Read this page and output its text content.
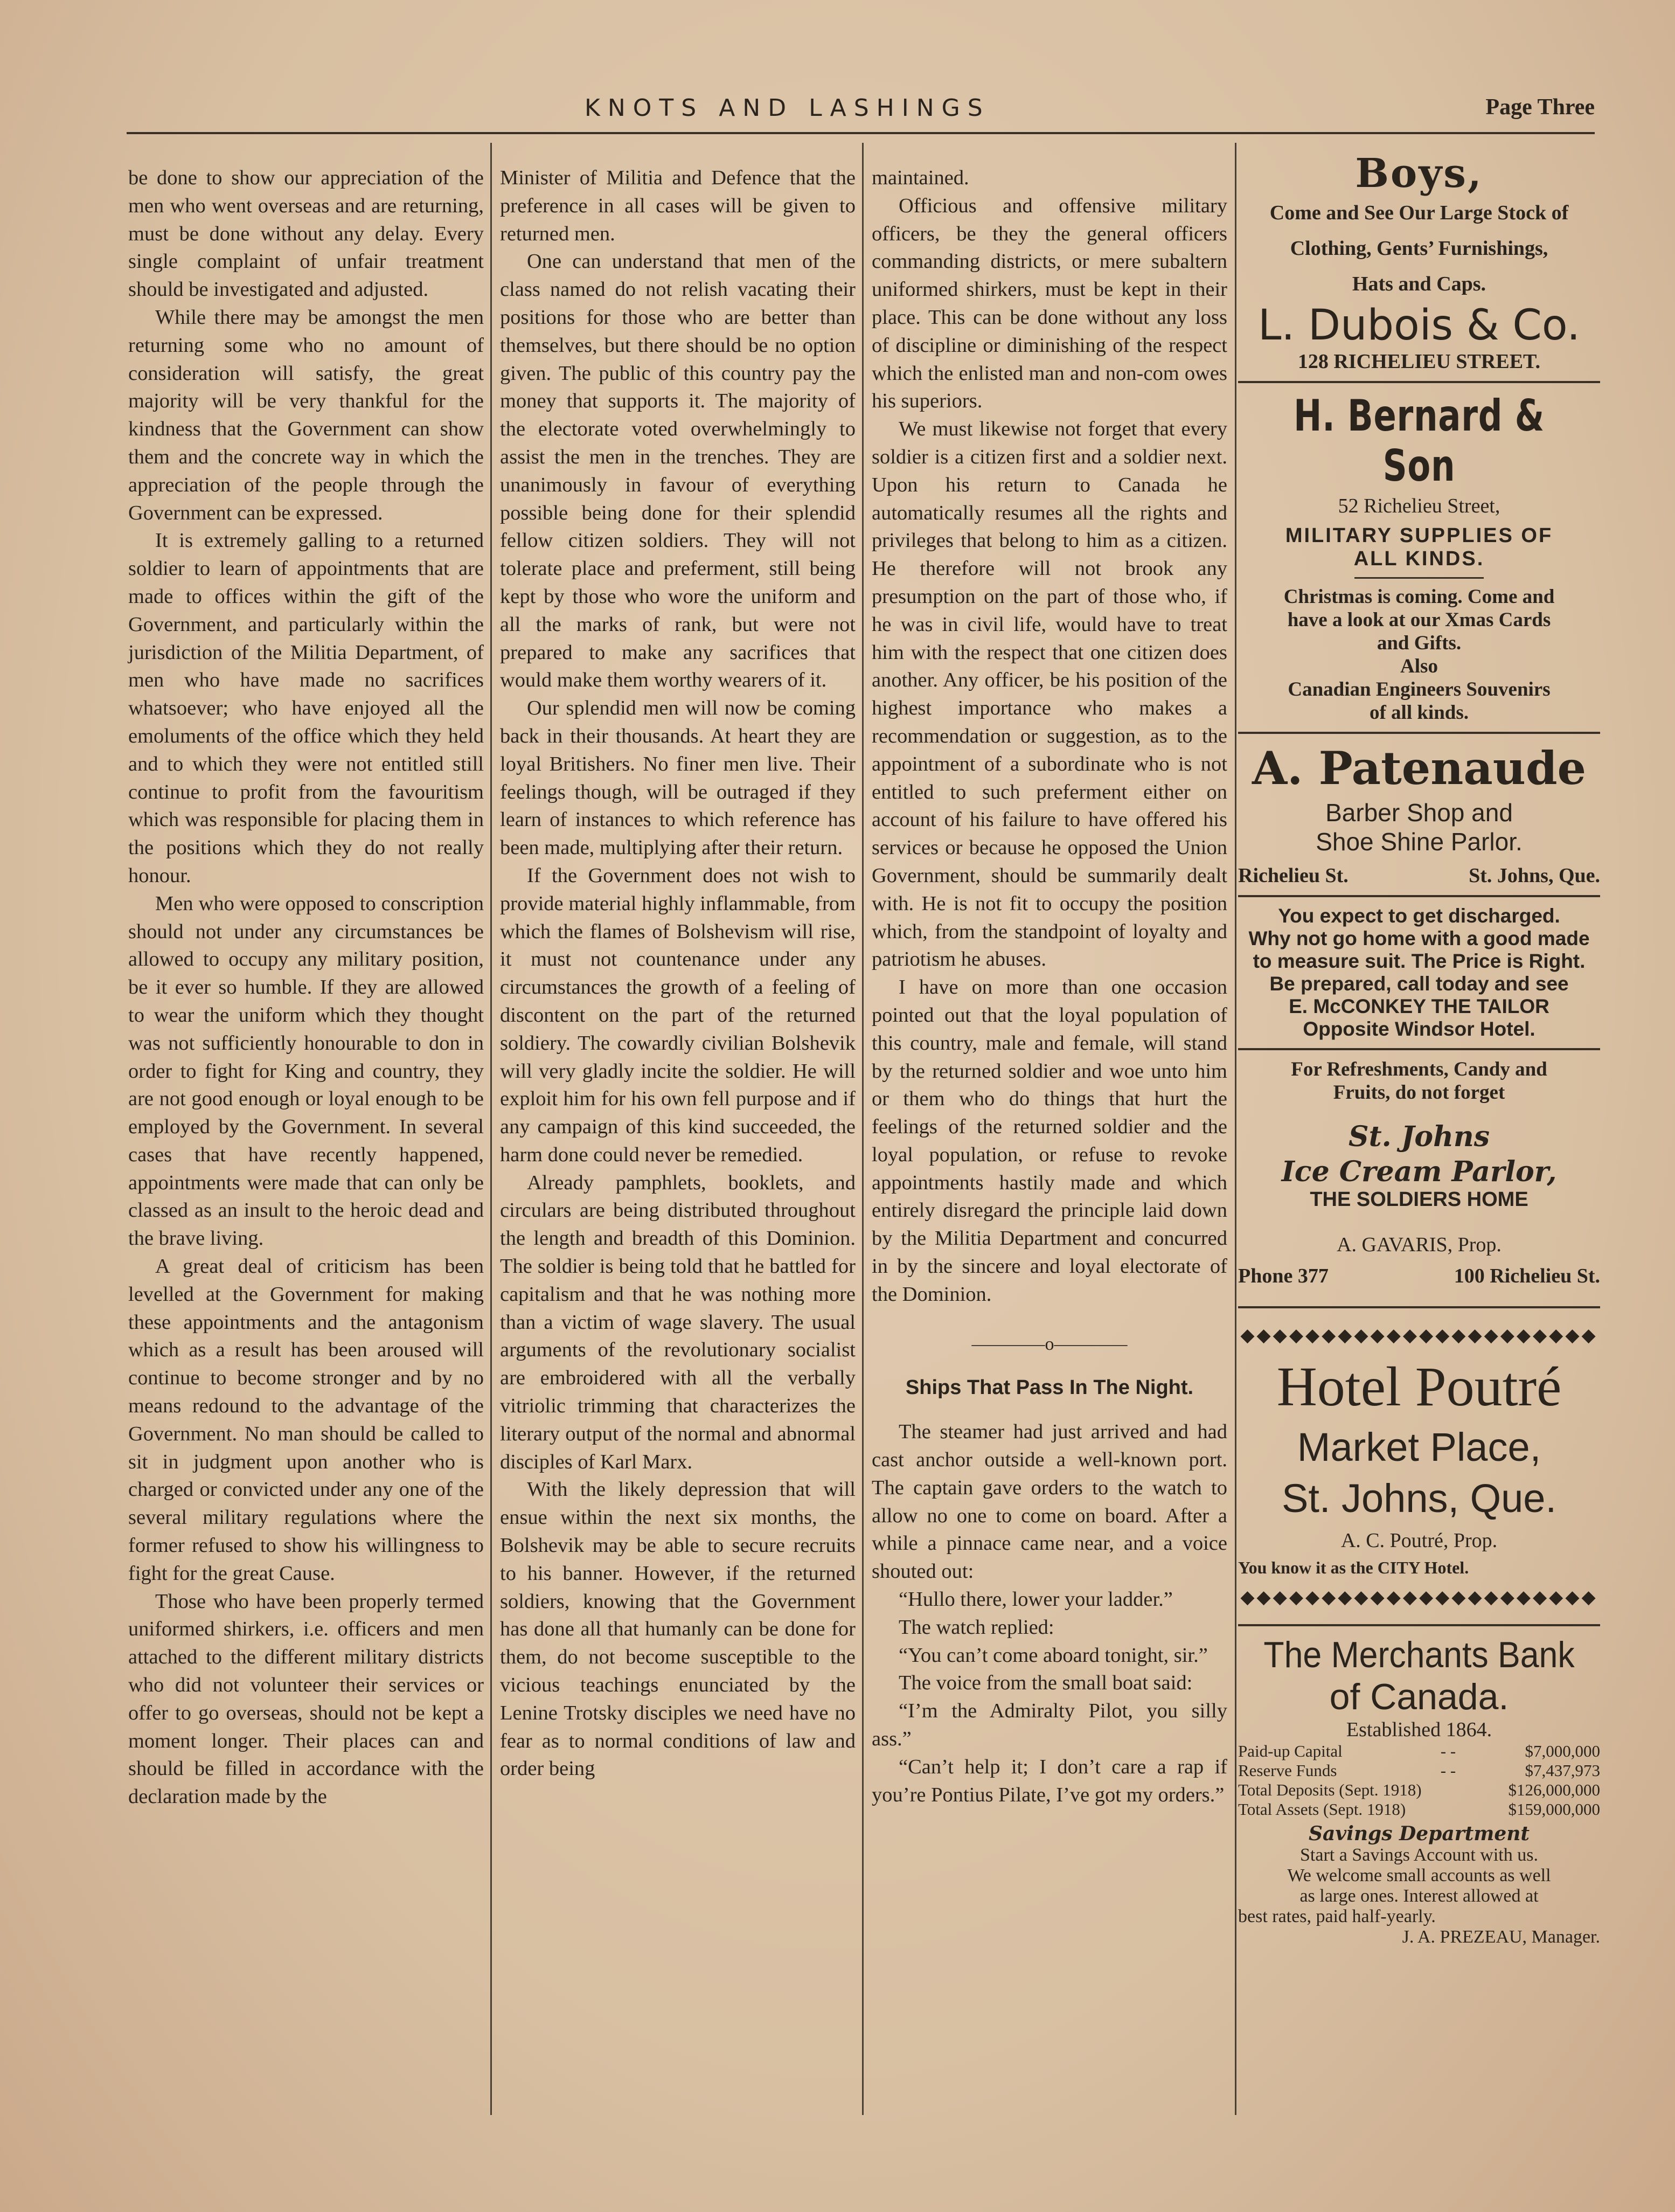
KNOTS AND LASHINGS	Page Three

be done to show our appreciation of the men who went overseas and are returning, must be done without any delay. Every single complaint of unfair treatment should be investigated and adjusted.

While there may be amongst the men returning some who no amount of consideration will satisfy, the great majority will be very thankful for the kindness that the Government can show them and the concrete way in which the appreciation of the people through the Government can be expressed.

It is extremely galling to a returned soldier to learn of appointments that are made to offices within the gift of the Government, and particularly within the jurisdiction of the Militia Department, of men who have made no sacrifices whatsoever; who have enjoyed all the emoluments of the office which they held and to which they were not entitled still continue to profit from the favouritism which was responsible for placing them in the positions which they do not really honour.

Men who were opposed to conscription should not under any circumstances be allowed to occupy any military position, be it ever so humble. If they are allowed to wear the uniform which they thought was not sufficiently honourable to don in order to fight for King and country, they are not good enough or loyal enough to be employed by the Government. In several cases that have recently happened, appointments were made that can only be classed as an insult to the heroic dead and the brave living.

A great deal of criticism has been levelled at the Government for making these appointments and the antagonism which as a result has been aroused will continue to become stronger and by no means redound to the advantage of the Government. No man should be called to sit in judgment upon another who is charged or convicted under any one of the several military regulations where the former refused to show his willingness to fight for the great Cause.

Those who have been properly termed uniformed shirkers, i.e. officers and men attached to the different military districts who did not volunteer their services or offer to go overseas, should not be kept a moment longer. Their places can and should be filled in accordance with the declaration made by the

Minister of Militia and Defence that the preference in all cases will be given to returned men.

One can understand that men of the class named do not relish vacating their positions for those who are better than themselves, but there should be no option given. The public of this country pay the money that supports it. The majority of the electorate voted overwhelmingly to assist the men in the trenches. They are unanimously in favour of everything possible being done for their splendid fellow citizen soldiers. They will not tolerate place and preferment, still being kept by those who wore the uniform and all the marks of rank, but were not prepared to make any sacrifices that would make them worthy wearers of it.

Our splendid men will now be coming back in their thousands. At heart they are loyal Britishers. No finer men live. Their feelings though, will be outraged if they learn of instances to which reference has been made, multiplying after their return.

If the Government does not wish to provide material highly inflammable, from which the flames of Bolshevism will rise, it must not countenance under any circumstances the growth of a feeling of discontent on the part of the returned soldiery. The cowardly civilian Bolshevik will very gladly incite the soldier. He will exploit him for his own fell purpose and if any campaign of this kind succeeded, the harm done could never be remedied.

Already pamphlets, booklets, and circulars are being distributed throughout the length and breadth of this Dominion. The soldier is being told that he battled for capitalism and that he was nothing more than a victim of wage slavery. The usual arguments of the revolutionary socialist are embroidered with all the verbally vitriolic trimming that characterizes the literary output of the normal and abnormal disciples of Karl Marx.

With the likely depression that will ensue within the next six months, the Bolshevik may be able to secure recruits to his banner. However, if the returned soldiers, knowing that the Government has done all that humanly can be done for them, do not become susceptible to the vicious teachings enunciated by the Lenine Trotsky disciples we need have no fear as to normal conditions of law and order being

maintained.

Officious and offensive military officers, be they the general officers commanding districts, or mere subaltern uniformed shirkers, must be kept in their place. This can be done without any loss of discipline or diminishing of the respect which the enlisted man and non-com owes his superiors.

We must likewise not forget that every soldier is a citizen first and a soldier next. Upon his return to Canada he automatically resumes all the rights and privileges that belong to him as a citizen. He therefore will not brook any presumption on the part of those who, if he was in civil life, would have to treat him with the respect that one citizen does another. Any officer, be his position of the highest importance who makes a recommendation or suggestion, as to the appointment of a subordinate who is not entitled to such preferment either on account of his failure to have offered his services or because he opposed the Union Government, should be summarily dealt with. He is not fit to occupy the position which, from the standpoint of loyalty and patriotism he abuses.

I have on more than one occasion pointed out that the loyal population of this country, male and female, will stand by the returned soldier and woe unto him or them who do things that hurt the feelings of the returned soldier and the loyal population, or refuse to revoke appointments hastily made and which entirely disregard the principle laid down by the Militia Department and concurred in by the sincere and loyal electorate of the Dominion.

————o————
Ships That Pass In The Night.

The steamer had just arrived and had cast anchor outside a well-known port. The captain gave orders to the watch to allow no one to come on board. After a while a pinnace came near, and a voice shouted out:

“Hullo there, lower your ladder.”

The watch replied:

“You can’t come aboard tonight, sir.”

The voice from the small boat said:

“I’m the Admiralty Pilot, you silly ass.”

“Can’t help it; I don’t care a rap if you’re Pontius Pilate, I’ve got my orders.”

Boys,
Come and See Our Large Stock of
Clothing, Gents’ Furnishings,
Hats and Caps.
L. Dubois & Co.
128 RICHELIEU STREET.
H. Bernard & Son
52 Richelieu Street,
MILITARY SUPPLIES OF
ALL KINDS.
Christmas is coming. Come and
have a look at our Xmas Cards
and Gifts.
Also
Canadian Engineers Souvenirs
of all kinds.
A. Patenaude
Barber Shop and
Shoe Shine Parlor.
Richelieu St.	St. Johns, Que.
You expect to get discharged.
Why not go home with a good made
to measure suit. The Price is Right.
Be prepared, call today and see
E. McCONKEY THE TAILOR
Opposite Windsor Hotel.
For Refreshments, Candy and
Fruits, do not forget
St. Johns
Ice Cream Parlor,
THE SOLDIERS HOME
A. GAVARIS, Prop.
Phone 377	100 Richelieu St.
◆◆◆◆◆◆◆◆◆◆◆◆◆◆◆◆◆◆◆◆◆◆
Hotel Poutré
Market Place,
St. Johns, Que.
A. C. Poutré, Prop.
You know it as the CITY Hotel.
◆◆◆◆◆◆◆◆◆◆◆◆◆◆◆◆◆◆◆◆◆◆
The Merchants Bank
of Canada.
Established 1864.
Paid-up Capital	- -	$7,000,000
Reserve Funds	- -	$7,437,973
Total Deposits (Sept. 1918)	$126,000,000
Total Assets (Sept. 1918)	$159,000,000
Savings Department
Start a Savings Account with us.
We welcome small accounts as well
as large ones. Interest allowed at
best rates, paid half-yearly.
J. A. PREZEAU, Manager.
